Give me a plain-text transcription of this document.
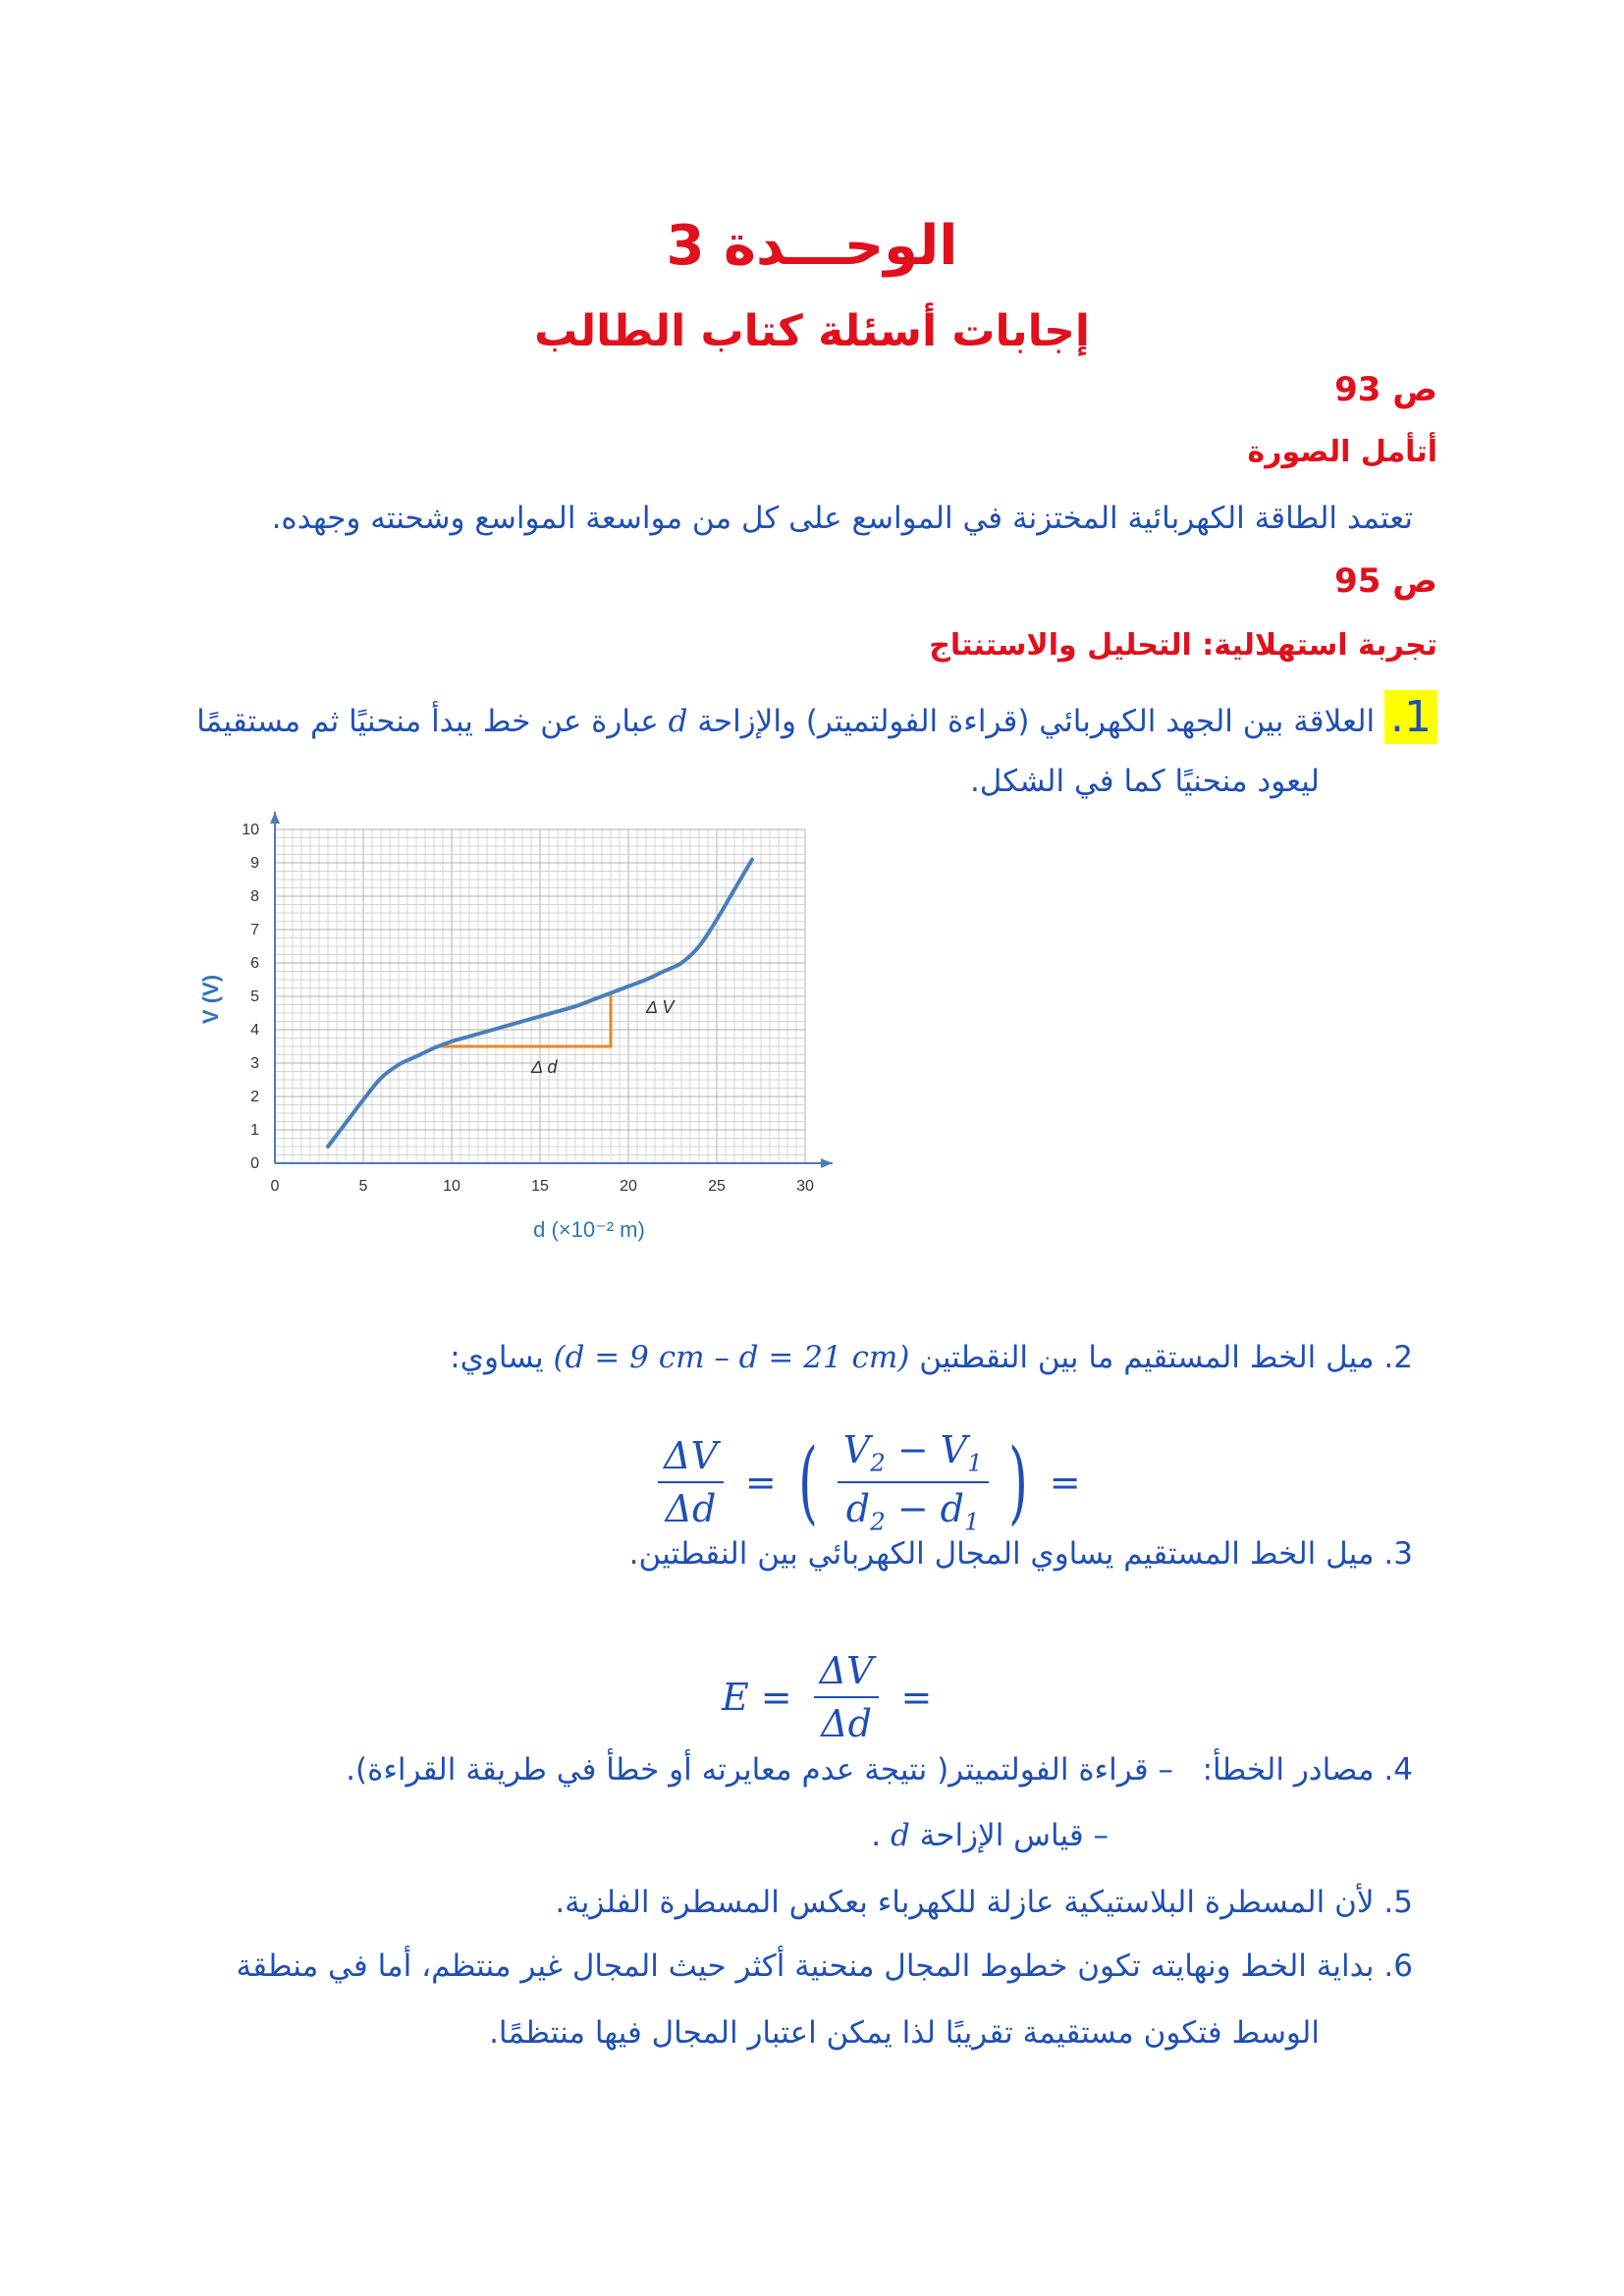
الوحـــدة 3
إجابات أسئلة كتاب الطالب
ص 93
أتأمل الصورة
تعتمد الطاقة الكهربائية المختزنة في المواسع على كل من مواسعة المواسع وشحنته وجهده.
ص 95
تجربة استهلالية: التحليل والاستنتاج
1. العلاقة بين الجهد الكهربائي (قراءة الفولتميتر) والإزاحة d عبارة عن خط يبدأ منحنيًا ثم مستقيمًا
ليعود منحنيًا كما في الشكل.
0	5	10	15	20	25	30
0
1
2
3
4
5
6
7
8
9
10
Δ d
Δ V
d (×10⁻² m)
V (V)
2. ميل الخط المستقيم ما بين النقطتين (d = 9 cm – d = 21 cm) يساوي:
$\frac{\Delta V}{\Delta d}$ = ( $\frac{V_2 - V_1}{d_2 - d_1}$ ) =
3. ميل الخط المستقيم يساوي المجال الكهربائي بين النقطتين.
$E = \frac{\Delta V}{\Delta d}$ =
4. مصادر الخطأ:   – قراءة الفولتميتر( نتيجة عدم معايرته أو خطأ في طريقة القراءة).
– قياس الإزاحة d .
5. لأن المسطرة البلاستيكية عازلة للكهرباء بعكس المسطرة الفلزية.
6. بداية الخط ونهايته تكون خطوط المجال منحنية أكثر حيث المجال غير منتظم، أما في منطقة
الوسط فتكون مستقيمة تقريبًا لذا يمكن اعتبار المجال فيها منتظمًا.
